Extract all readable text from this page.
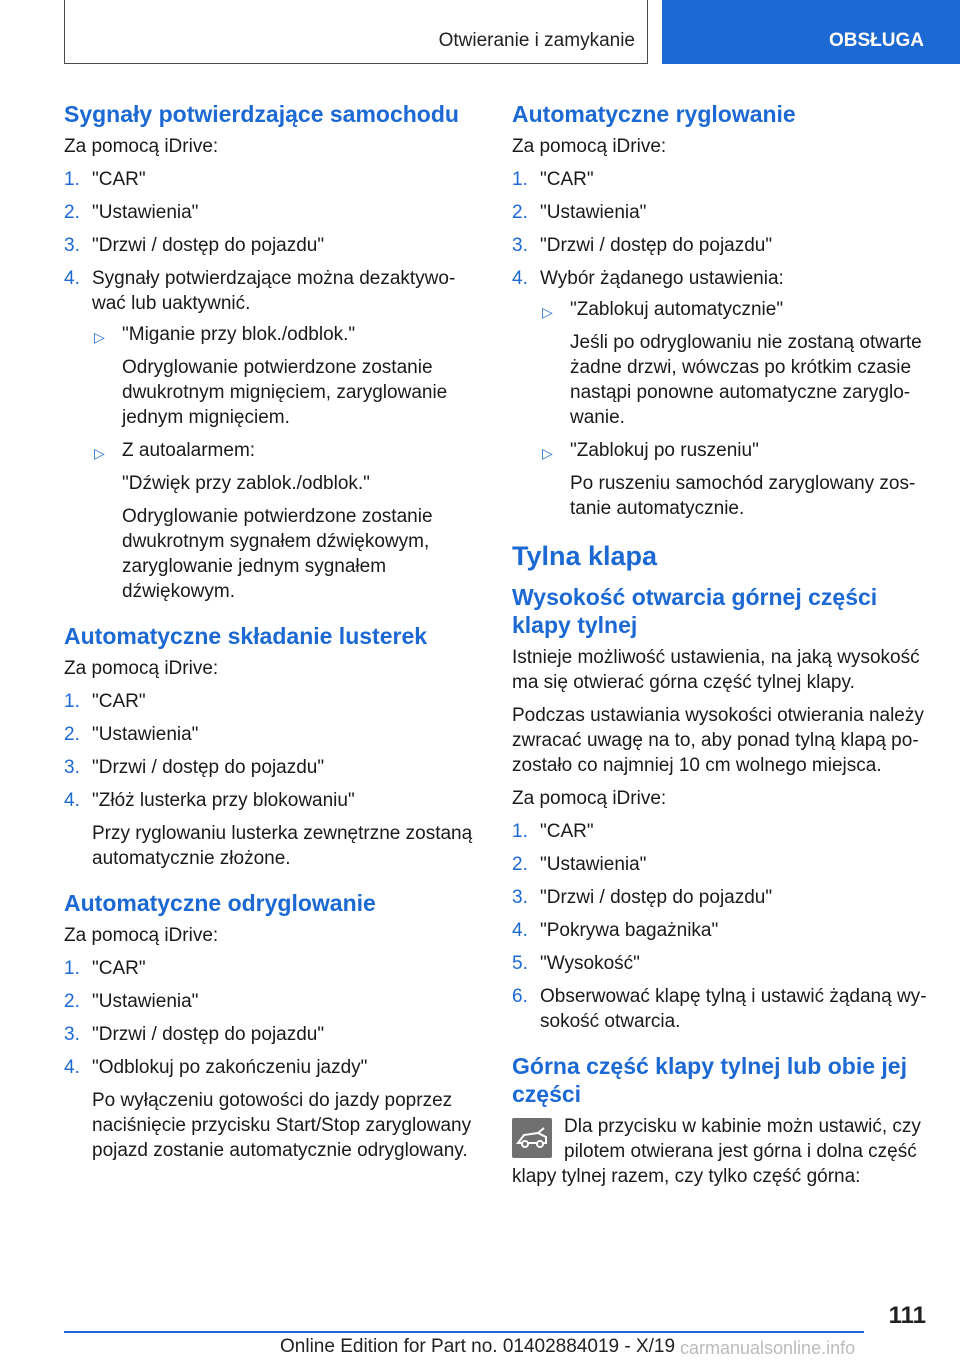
Otwieranie i zamykanie	OBSŁUGA
Sygnały potwierdzające samochodu

Za pomocą iDrive:

1. "CAR"
2. "Ustawienia"
3. "Drzwi / dostęp do pojazdu"
4. Sygnały potwierdzające można dezaktywować lub uaktywnić.
▷ "Miganie przy blok./odblok."
Odryglowanie potwierdzone zostanie dwukrotnym mignięciem, zaryglowanie jednym mignięciem.
▷ Z autoalarmem:
"Dźwięk przy zablok./odblok."
Odryglowanie potwierdzone zostanie dwukrotnym sygnałem dźwiękowym, zaryglowanie jednym sygnałem dźwiękowym.
Automatyczne składanie lusterek

Za pomocą iDrive:

1. "CAR"
2. "Ustawienia"
3. "Drzwi / dostęp do pojazdu"
4. "Złóż lusterka przy blokowaniu"
Przy ryglowaniu lusterka zewnętrzne zostaną automatycznie złożone.
Automatyczne odryglowanie

Za pomocą iDrive:

1. "CAR"
2. "Ustawienia"
3. "Drzwi / dostęp do pojazdu"
4. "Odblokuj po zakończeniu jazdy"
Po wyłączeniu gotowości do jazdy poprzez naciśnięcie przycisku Start/Stop zaryglowany pojazd zostanie automatycznie odryglowany.
Automatyczne ryglowanie

Za pomocą iDrive:

1. "CAR"
2. "Ustawienia"
3. "Drzwi / dostęp do pojazdu"
4. Wybór żądanego ustawienia:
▷ "Zablokuj automatycznie"
Jeśli po odryglowaniu nie zostaną otwarte żadne drzwi, wówczas po krótkim czasie nastąpi ponowne automatyczne zaryglowanie.
▷ "Zablokuj po ruszeniu"
Po ruszeniu samochód zaryglowany zostanie automatycznie.
Tylna klapa
Wysokość otwarcia górnej części klapy tylnej

Istnieje możliwość ustawienia, na jaką wysokość ma się otwierać górna część tylnej klapy.

Podczas ustawiania wysokości otwierania należy zwracać uwagę na to, aby ponad tylną klapą pozostało co najmniej 10 cm wolnego miejsca.

Za pomocą iDrive:

1. "CAR"
2. "Ustawienia"
3. "Drzwi / dostęp do pojazdu"
4. "Pokrywa bagażnika"
5. "Wysokość"
6. Obserwować klapę tylną i ustawić żądaną wysokość otwarcia.
Górna część klapy tylnej lub obie jej części

Dla przycisku w kabinie możn ustawić, czy pilotem otwierana jest górna i dolna część klapy tylnej razem, czy tylko część górna:

111
Online Edition for Part no. 01402884019 - X/19 carmanualsonline.info
